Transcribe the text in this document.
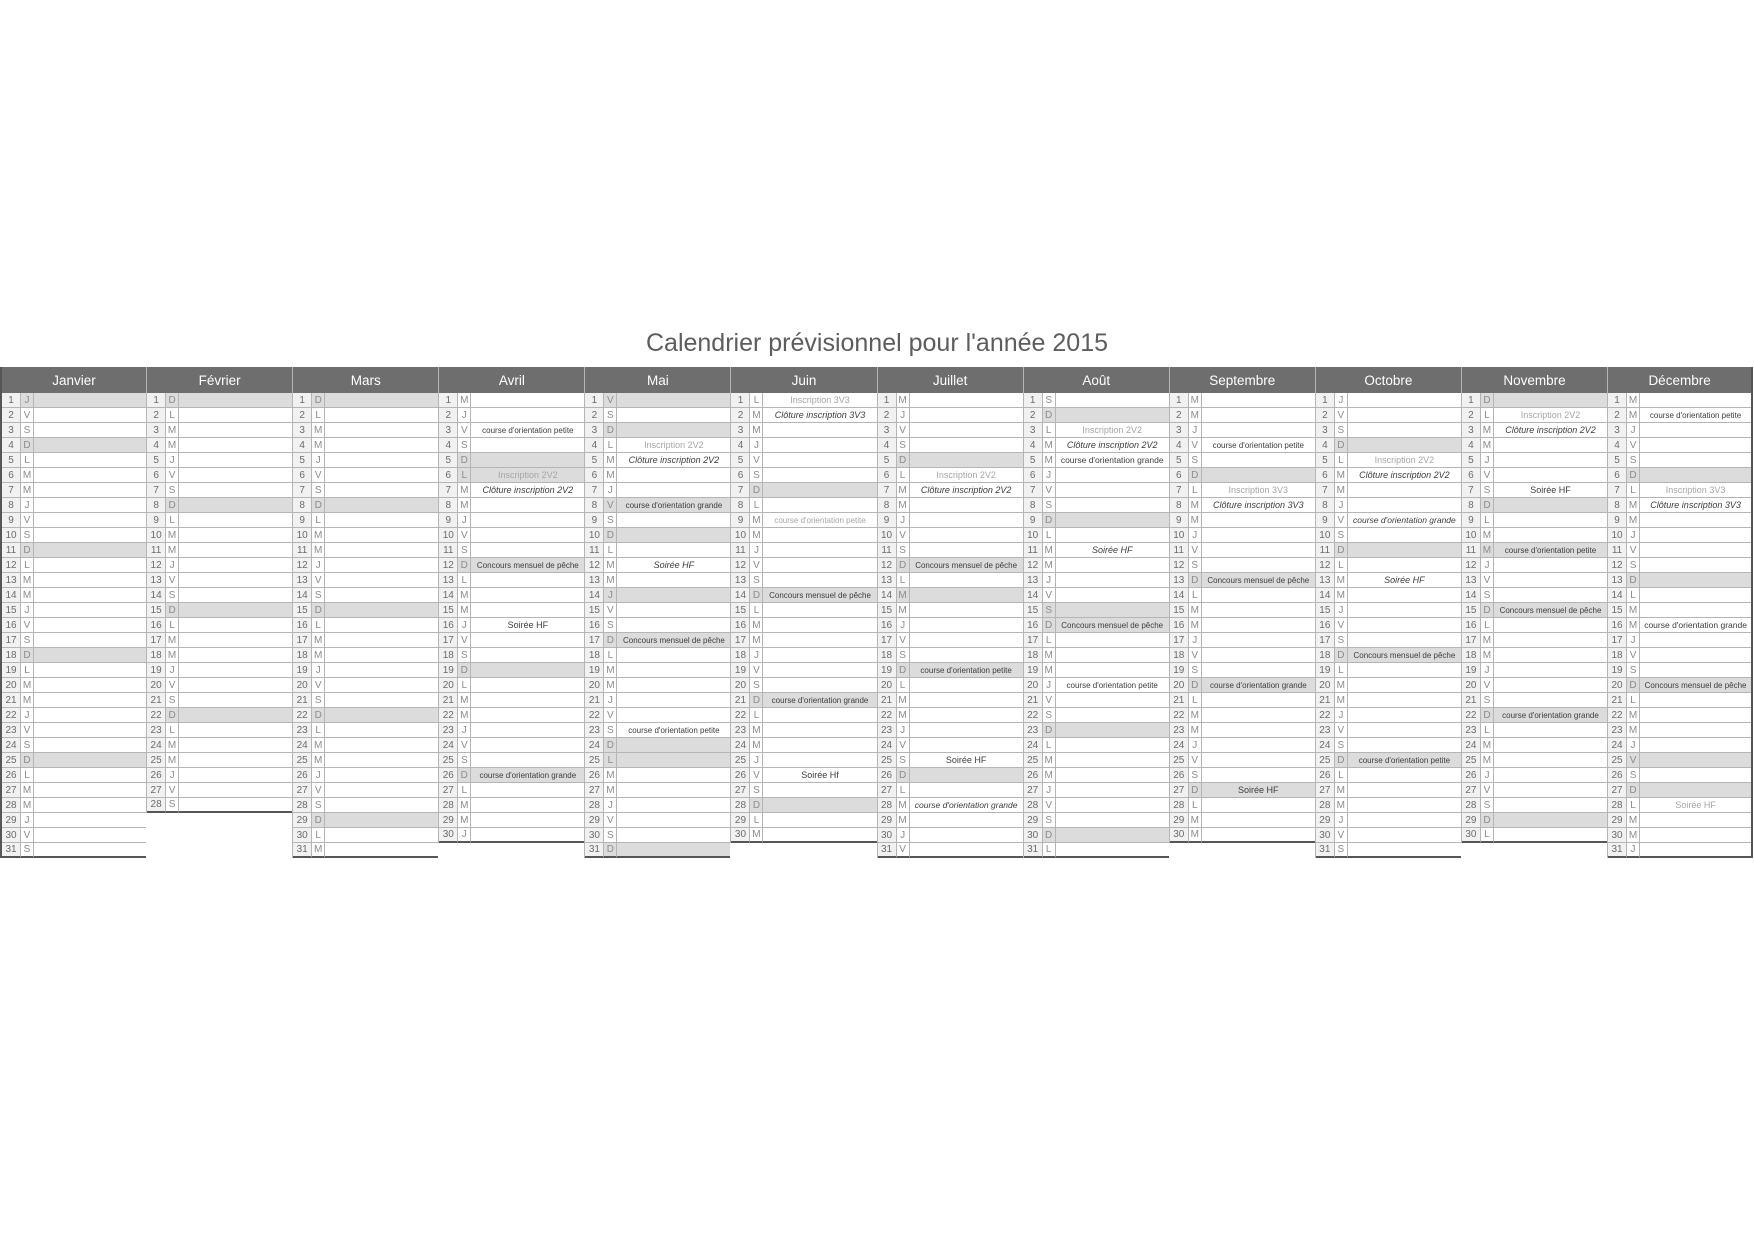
Calendrier prévisionnel pour l'année 2015
Janvier
1	J
2 V
3 S
4 D
5	L
6 M
7 M
8	J
9 V
10 S
11 D
12 L
13 M
14 M
15 J
16 V
17 S
18 D
19 L
20 M
21 M
22 J
23 V
24 S
25 D
26 L
27 M
28 M
29 J
30 V
31 S
Février
1 D
2	L
3 M
4 M
5	J
6 V
7 S
8 D
9	L
10 M
11 M
12 J
13 V
14 S
15 D
16 L
17 M
18 M
19 J
20 V
21 S
22 D
23 L
24 M
25 M
26 J
27 V
28 S
Mars
1 D
2	L
3 M
4 M
5	J
6 V
7 S
8 D
9	L
10 M
11 M
12 J
13 V
14 S
15 D
16 L
17 M
18 M
19 J
20 V
21 S
22 D
23 L
24 M
25 M
26 J
27 V
28 S
29 D
30 L
31 M
Avril
1 M
2	J
3 V	course d'orientation petite
4 S
5 D
6	L	Inscription 2V2
7 M	Clôture inscription 2V2
8 M
9	J
10 V
11 S
12 D	Concours mensuel de pêche
13 L
14 M
15 M
16 J	Soirée HF
17 V
18 S
19 D
20 L
21 M
22 M
23 J
24 V
25 S
26 D	course d'orientation grande
27 L
28 M
29 M
30 J
Mai
1 V
2 S
3 D
4	L	Inscription 2V2
5 M	Clôture inscription 2V2
6 M
7	J
8 V	course d'orientation grande
9 S
10 D
11 L
12 M	Soirée HF
13 M
14 J
15 V
16 S
17 D	Concours mensuel de pêche
18 L
19 M
20 M
21 J
22 V
23 S	course d'orientation petite
24 D
25 L
26 M
27 M
28 J
29 V
30 S
31 D
Juin
1	L	Inscription 3V3
2 M	Clôture inscription 3V3
3 M
4	J
5 V
6 S
7 D
8	L
9 M	course d'orientation petite
10 M
11 J
12 V
13 S
14 D	Concours mensuel de pêche
15 L
16 M
17 M
18 J
19 V
20 S
21 D	course d'orientation grande
22 L
23 M
24 M
25 J
26 V	Soirée Hf
27 S
28 D
29 L
30 M
Juillet
1 M
2	J
3 V
4 S
5 D
6	L	Inscription 2V2
7 M	Clôture inscription 2V2
8 M
9	J
10 V
11 S
12 D	Concours mensuel de pêche
13 L
14 M
15 M
16 J
17 V
18 S
19 D	course d'orientation petite
20 L
21 M
22 M
23 J
24 V
25 S	Soirée HF
26 D
27 L
28 M course d'orientation grande
29 M
30 J
31 V
Août
1 S
2 D
3	L	Inscription 2V2
4 M	Clôture inscription 2V2
5 M course d'orientation grande
6	J
7 V
8 S
9 D
10 L
11 M	Soirée HF
12 M
13 J
14 V
15 S
16 D	Concours mensuel de pêche
17 L
18 M
19 M
20 J	course d'orientation petite
21 V
22 S
23 D
24 L
25 M
26 M
27 J
28 V
29 S
30 D
31 L
Septembre
1 M
2 M
3	J
4 V	course d'orientation petite
5 S
6 D
7	L	Inscription 3V3
8 M	Clôture inscription 3V3
9 M
10 J
11 V
12 S
13 D	Concours mensuel de pêche
14 L
15 M
16 M
17 J
18 V
19 S
20 D	course d'orientation grande
21 L
22 M
23 M
24 J
25 V
26 S
27 D	Soirée HF
28 L
29 M
30 M
Octobre
1	J
2 V
3 S
4 D
5	L	Inscription 2V2
6 M	Clôture inscription 2V2
7 M
8	J
9 V	course d'orientation grande
10 S
11 D
12 L
13 M	Soirée HF
14 M
15 J
16 V
17 S
18 D	Concours mensuel de pêche
19 L
20 M
21 M
22 J
23 V
24 S
25 D	course d'orientation petite
26 L
27 M
28 M
29 J
30 V
31 S
Novembre
1 D
2	L	Inscription 2V2
3 M	Clôture inscription 2V2
4 M
5	J
6 V
7 S	Soirée HF
8 D
9	L
10 M
11 M	course d'orientation petite
12 J
13 V
14 S
15 D	Concours mensuel de pêche
16 L
17 M
18 M
19 J
20 V
21 S
22 D	course d'orientation grande
23 L
24 M
25 M
26 J
27 V
28 S
29 D
30 L
Décembre
1 M
2 M	course d'orientation petite
3	J
4 V
5 S
6 D
7	L	Inscription 3V3
8 M	Clôture inscription 3V3
9 M
10 J
11 V
12 S
13 D
14 L
15 M
16 M course d'orientation grande
17 J
18 V
19 S
20 D	Concours mensuel de pêche
21 L
22 M
23 M
24 J
25 V
26 S
27 D
28 L	Soirée HF
29 M
30 M
31 J
